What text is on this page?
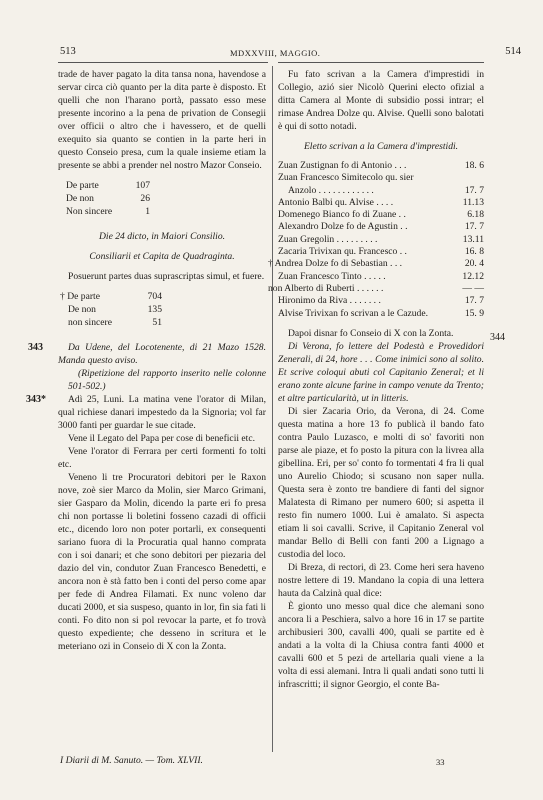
513	MDXXVIII, MAGGIO.	514

trade de haver pagato la dita tansa nona, havendose a servar circa ciò quanto per la dita parte è disposto. Et quelli che non l'harano portà, passato esso mese presente incorino a la pena de privation de Consegii over officii o altro che i havessero, et de quelli exequito sia quanto se contien in la parte heri in questo Conseio presa, cum la quale insieme etiam la presente se abbi a prender nel nostro Mazor Conseio.

De parte	107
De non	26
Non sincere	1

Die 24 dicto, in Maiori Consilio.

Consiliarii et Capita de Quadraginta.

Posuerunt partes duas suprascriptas simul, et fuere.

† De parte	704
De non	135
non sincere	51
343	Da Udene, del Locotenente, di 21 Mazo 1528. Manda questo aviso.

(Ripetizione del rapporto inserito nelle colonne 501-502.)

343*	Adì 25, Luni. La matina vene l'orator di Milan, qual richiese danari impestedo da la Signoria; vol far 3000 fanti per guardar le sue citade.

Vene il Legato del Papa per cose di beneficii etc.

Vene l'orator di Ferrara per certi formenti fo tolti etc.

Veneno li tre Procuratori debitori per le Raxon nove, zoè sier Marco da Molin, sier Marco Grimani, sier Gasparo da Molin, dicendo la parte eri fo presa chi non portasse li boletini fosseno cazadi di officii etc., dicendo loro non poter portarli, ex consequenti sariano fuora di la Procuratia qual hanno comprata con i soi danari; et che sono debitori per piezaria del dazio del vin, condutor Zuan Francesco Benedetti, e ancora non è stà fatto ben i conti del perso come apar per fede di Andrea Filamati. Ex nunc voleno dar ducati 2000, et sia suspeso, quanto in lor, fin sia fati li conti. Fo dito non si pol revocar la parte, et fo trovà questo expediente; che desseno in scritura et le meteriano ozi in Conseio di X con la Zonta.

Fu fato scrivan a la Camera d'imprestidi in Collegio, azió sier Nicolò Querini electo ofizial a ditta Camera al Monte di subsidio possi intrar; el rimase Andrea Dolze qu. Alvise. Quelli sono balotati è qui di sotto notadi.

Eletto scrivan a la Camera d'imprestidi.

Zuan Zustignan fo di Antonio . . .	18. 6
Zuan Francesco Simitecolo qu. sier
Anzolo . . . . . . . . . . . .	17. 7
Antonio Balbi qu. Alvise . . . .	11.13
Domenego Bianco fo di Zuane . .	6.18
Alexandro Dolze fo de Agustin . .	17. 7
Zuan Gregolin . . . . . . . . .	13.11
Zacaria Trivixan qu. Francesco . .	16. 8
† Andrea Dolze fo di Sebastian . . .	20. 4
Zuan Francesco Tinto . . . . .	12.12
non Alberto di Ruberti . . . . . .	— —
Hironimo da Riva . . . . . . .	17. 7
Alvise Trivixan fo scrivan a le Cazude.	15. 9

Dapoi disnar fo Conseio di X con la Zonta.	344

Di Verona, fo lettere del Podestà e Provedidori Zenerali, di 24, hore . . . Come inimici sono al solito. Et scrive coloqui abuti col Capitanio Zeneral; et li erano zonte alcune farine in campo venute da Trento; et altre particularità, ut in litteris.

Di sier Zacaria Orio, da Verona, di 24. Come questa matina a hore 13 fo publicà il bando fato contra Paulo Luzasco, e molti di so' favoriti non parse ale piaze, et fo posto la pitura con la livrea alla gibellina. Eri, per so' conto fo tormentati 4 fra li qual uno Aurelio Chiodo; si scusano non saper nulla. Questa sera è zonto tre bandiere di fanti del signor Malatesta di Rimano per numero 600; si aspetta il resto fin numero 1000. Lui è amalato. Si aspecta etiam li soi cavalli. Scrive, il Capitanio Zeneral vol mandar Bello di Belli con fanti 200 a Lignago a custodia del loco.

Di Breza, di rectori, dì 23. Come heri sera haveno nostre lettere di 19. Mandano la copia di una lettera hauta da Calzinà qual dice:

È gionto uno messo qual dice che alemani sono ancora li a Peschiera, salvo a hore 16 in 17 se partite archibusieri 300, cavalli 400, quali se partite ed è andati a la volta di la Chiusa contra fanti 4000 et cavalli 600 et 5 pezi de artellaria quali viene a la volta di essi alemani. Intra li quali andati sono tutti li infrascritti; il signor Georgio, el conte Ba-

I Diarii di M. Sanuto. — Tom. XLVII.	33
